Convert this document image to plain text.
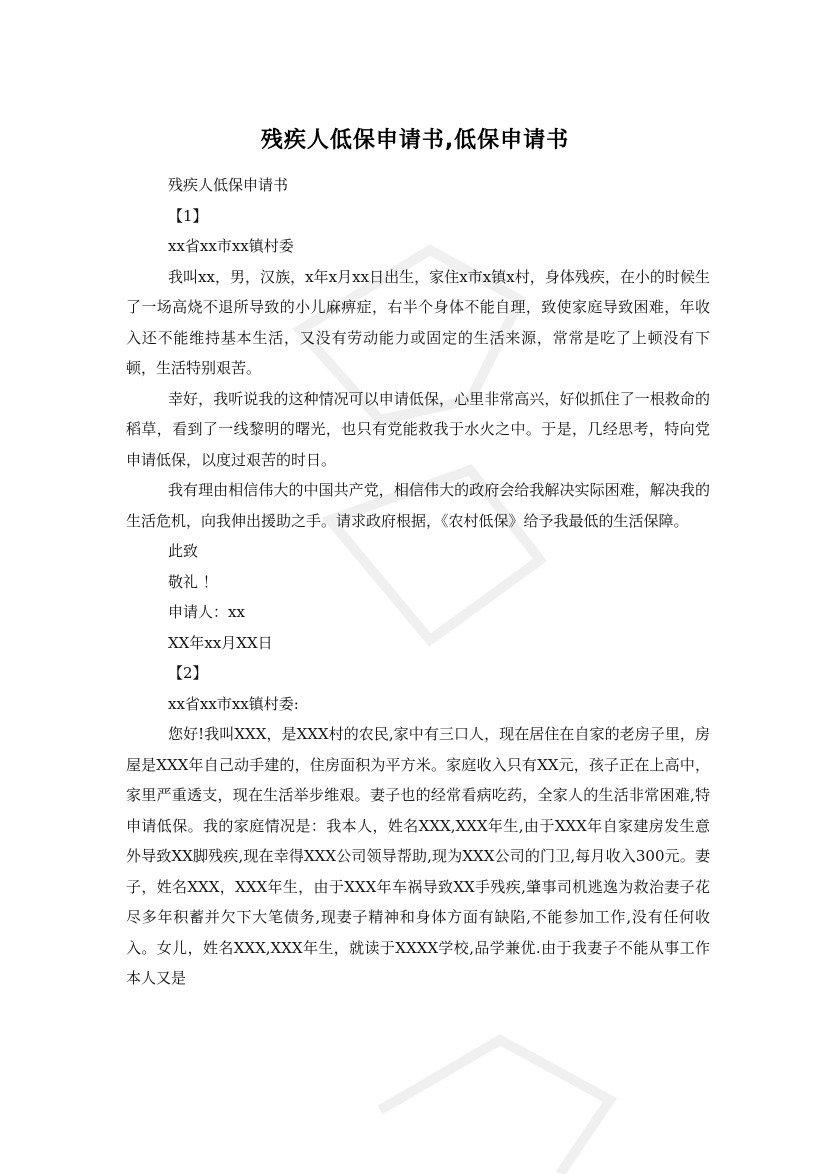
残疾人低保申请书,低保申请书

残疾人低保申请书

【1】

xx省xx市xx镇村委

我叫xx，男，汉族，x年x月xx日出生，家住x市x镇x村，身体残疾，在小的时候生了一场高烧不退所导致的小儿麻痹症，右半个身体不能自理，致使家庭导致困难，年收入还不能维持基本生活，又没有劳动能力或固定的生活来源，常常是吃了上顿没有下顿，生活特别艰苦。

幸好，我听说我的这种情况可以申请低保，心里非常高兴，好似抓住了一根救命的稻草，看到了一线黎明的曙光，也只有党能救我于水火之中。于是，几经思考，特向党申请低保，以度过艰苦的时日。

我有理由相信伟大的中国共产党，相信伟大的政府会给我解决实际困难，解决我的生活危机，向我伸出援助之手。请求政府根据，《农村低保》给予我最低的生活保障。

此致

敬礼 ！

申请人：xx

XX年xx月XX日

【2】

xx省xx市xx镇村委:

您好!我叫XXX，是XXX村的农民,家中有三口人，现在居住在自家的老房子里，房屋是XXX年自己动手建的，住房面积为平方米。家庭收入只有XX元，孩子正在上高中，家里严重透支，现在生活举步维艰。妻子也的经常看病吃药，全家人的生活非常困难,特申请低保。我的家庭情况是：我本人，姓名XXX,XXX年生,由于XXX年自家建房发生意外导致XX脚残疾,现在幸得XXX公司领导帮助,现为XXX公司的门卫,每月收入300元。妻子，姓名XXX，XXX年生，由于XXX年车祸导致XX手残疾,肇事司机逃逸为救治妻子花尽多年积蓄并欠下大笔债务,现妻子精神和身体方面有缺陷,不能参加工作,没有任何收入。女儿，姓名XXX,XXX年生，就读于XXXX学校,品学兼优.由于我妻子不能从事工作本人又是
